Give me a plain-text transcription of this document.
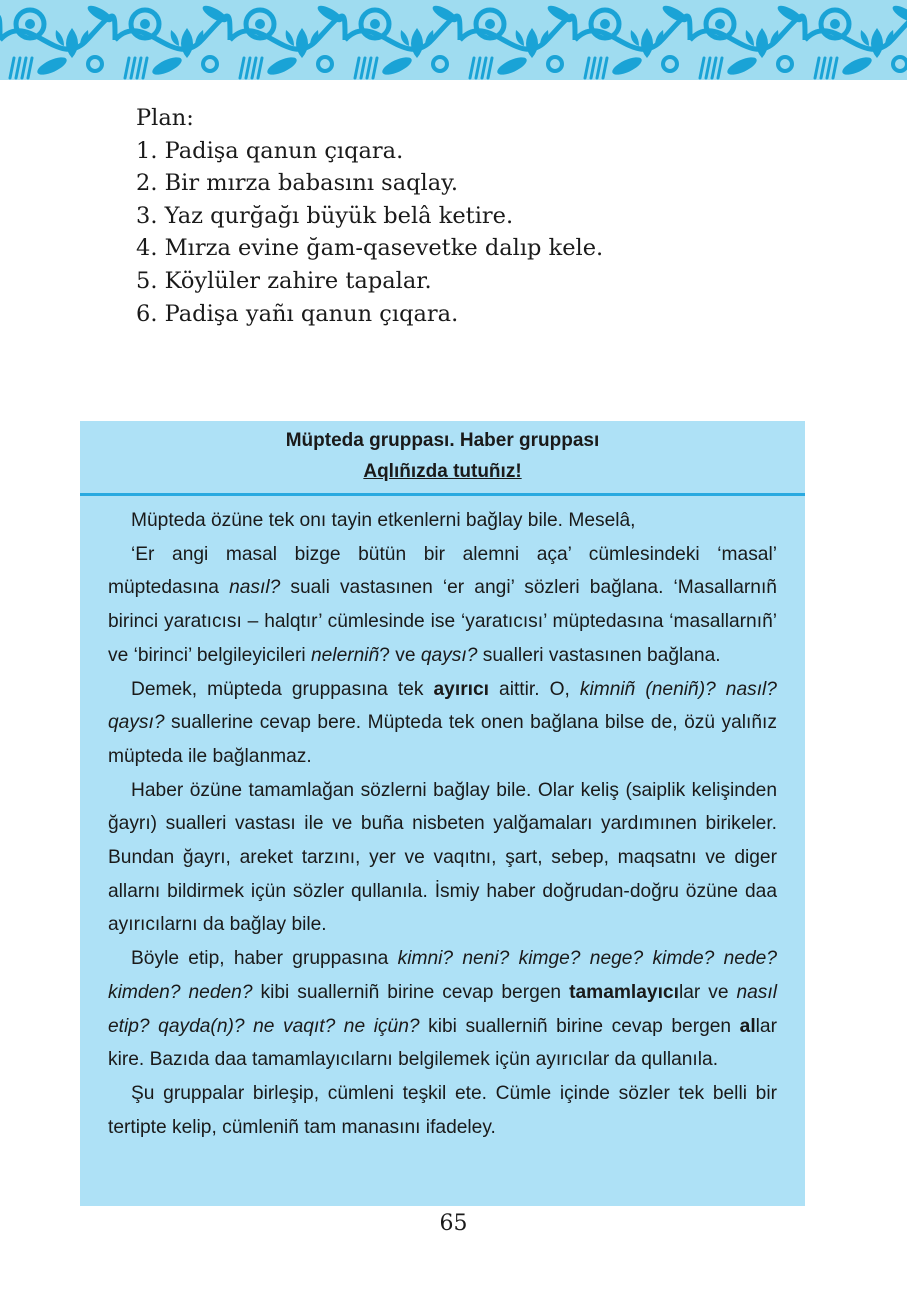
Plan:
1. Padişa qanun çıqara.
2. Bir mırza babasını saqlay.
3. Yaz qurğağı büyük belâ ketire.
4. Mırza evine ğam-qasevetke dalıp kele.
5. Köylüler zahire tapalar.
6. Padişa yañı qanun çıqara.
Müpteda gruppası. Haber gruppası
Aqlıñızda tutuñız!

Müpteda özüne tek onı tayin etkenlerni bağlay bile. Meselâ,

‘Er angi masal bizge bütün bir alemni aça’ cümlesindeki ‘masal’ müptedasına nasıl? suali vastasınen ‘er angi’ sözleri bağlana. ‘Masallarnıñ birinci yaratıcısı – halqtır’ cümlesinde ise ‘yaratıcısı’ müptedasına ‘masallarnıñ’ ve ‘birinci’ belgileyicileri nelerniñ? ve qaysı? sualleri vastasınen bağlana.

Demek, müpteda gruppasına tek ayırıcı aittir. O, kimniñ (neniñ)? nasıl? qaysı? suallerine cevap bere. Müpteda tek onen bağlana bilse de, özü yalıñız müpteda ile bağlanmaz.

Haber özüne tamamlağan sözlerni bağlay bile. Olar keliş (saiplik kelişinden ğayrı) sualleri vastası ile ve buña nisbeten yalğamaları yardımınen birikeler. Bundan ğayrı, areket tarzını, yer ve vaqıtnı, şart, sebep, maqsatnı ve diger allarnı bildirmek içün sözler qullanıla. İsmiy haber doğrudan-doğru özüne daa ayırıcılarnı da bağlay bile.

Böyle etip, haber gruppasına kimni? neni? kimge? nege? kimde? nede? kimden? neden? kibi suallerniñ birine cevap bergen tamamlayıcılar ve nasıl etip? qayda(n)? ne vaqıt? ne içün? kibi suallerniñ birine cevap bergen allar kire. Bazıda daa tamamlayıcılarnı belgilemek içün ayırıcılar da qullanıla.

Şu gruppalar birleşip, cümleni teşkil ete. Cümle içinde sözler tek belli bir tertipte kelip, cümleniñ tam manasını ifadeley.

65
